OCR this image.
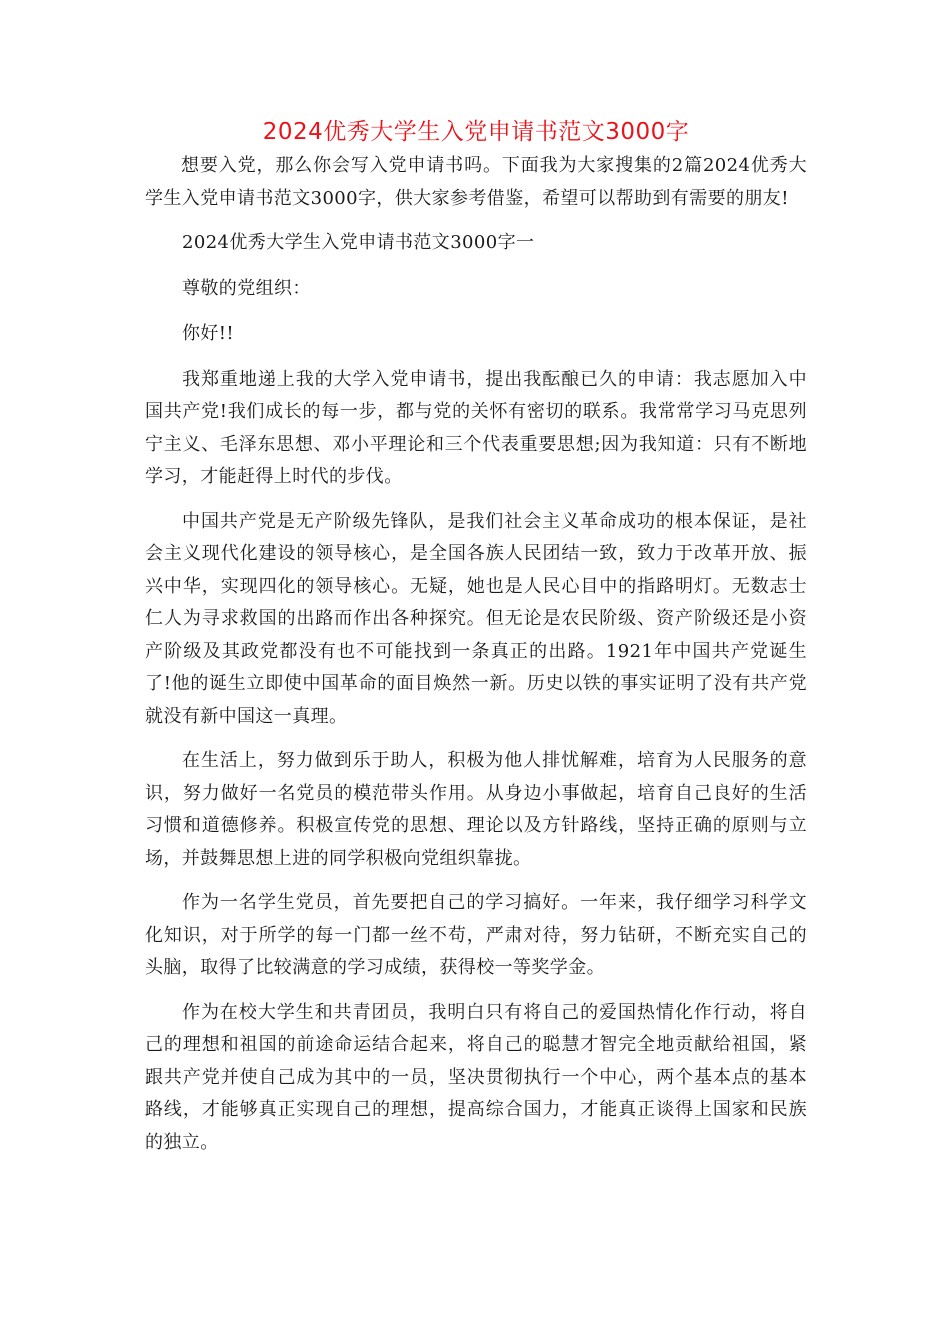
2024优秀大学生入党申请书范文3000字

想要入党，那么你会写入党申请书吗。下面我为大家搜集的2篇2024优秀大学生入党申请书范文3000字，供大家参考借鉴，希望可以帮助到有需要的朋友!

2024优秀大学生入党申请书范文3000字一

尊敬的党组织：

你好!!

我郑重地递上我的大学入党申请书，提出我酝酿已久的申请：我志愿加入中国共产党!我们成长的每一步，都与党的关怀有密切的联系。我常常学习马克思列宁主义、毛泽东思想、邓小平理论和三个代表重要思想;因为我知道：只有不断地学习，才能赶得上时代的步伐。

中国共产党是无产阶级先锋队，是我们社会主义革命成功的根本保证，是社会主义现代化建设的领导核心，是全国各族人民团结一致，致力于改革开放、振兴中华，实现四化的领导核心。无疑，她也是人民心目中的指路明灯。无数志士仁人为寻求救国的出路而作出各种探究。但无论是农民阶级、资产阶级还是小资产阶级及其政党都没有也不可能找到一条真正的出路。1921年中国共产党诞生了!他的诞生立即使中国革命的面目焕然一新。历史以铁的事实证明了没有共产党就没有新中国这一真理。

在生活上，努力做到乐于助人，积极为他人排忧解难，培育为人民服务的意识，努力做好一名党员的模范带头作用。从身边小事做起，培育自己良好的生活习惯和道德修养。积极宣传党的思想、理论以及方针路线，坚持正确的原则与立场，并鼓舞思想上进的同学积极向党组织靠拢。

作为一名学生党员，首先要把自己的学习搞好。一年来，我仔细学习科学文化知识，对于所学的每一门都一丝不苟，严肃对待，努力钻研，不断充实自己的头脑，取得了比较满意的学习成绩，获得校一等奖学金。

作为在校大学生和共青团员，我明白只有将自己的爱国热情化作行动，将自己的理想和祖国的前途命运结合起来，将自己的聪慧才智完全地贡献给祖国，紧跟共产党并使自己成为其中的一员，坚决贯彻执行一个中心，两个基本点的基本路线，才能够真正实现自己的理想，提高综合国力，才能真正谈得上国家和民族的独立。
